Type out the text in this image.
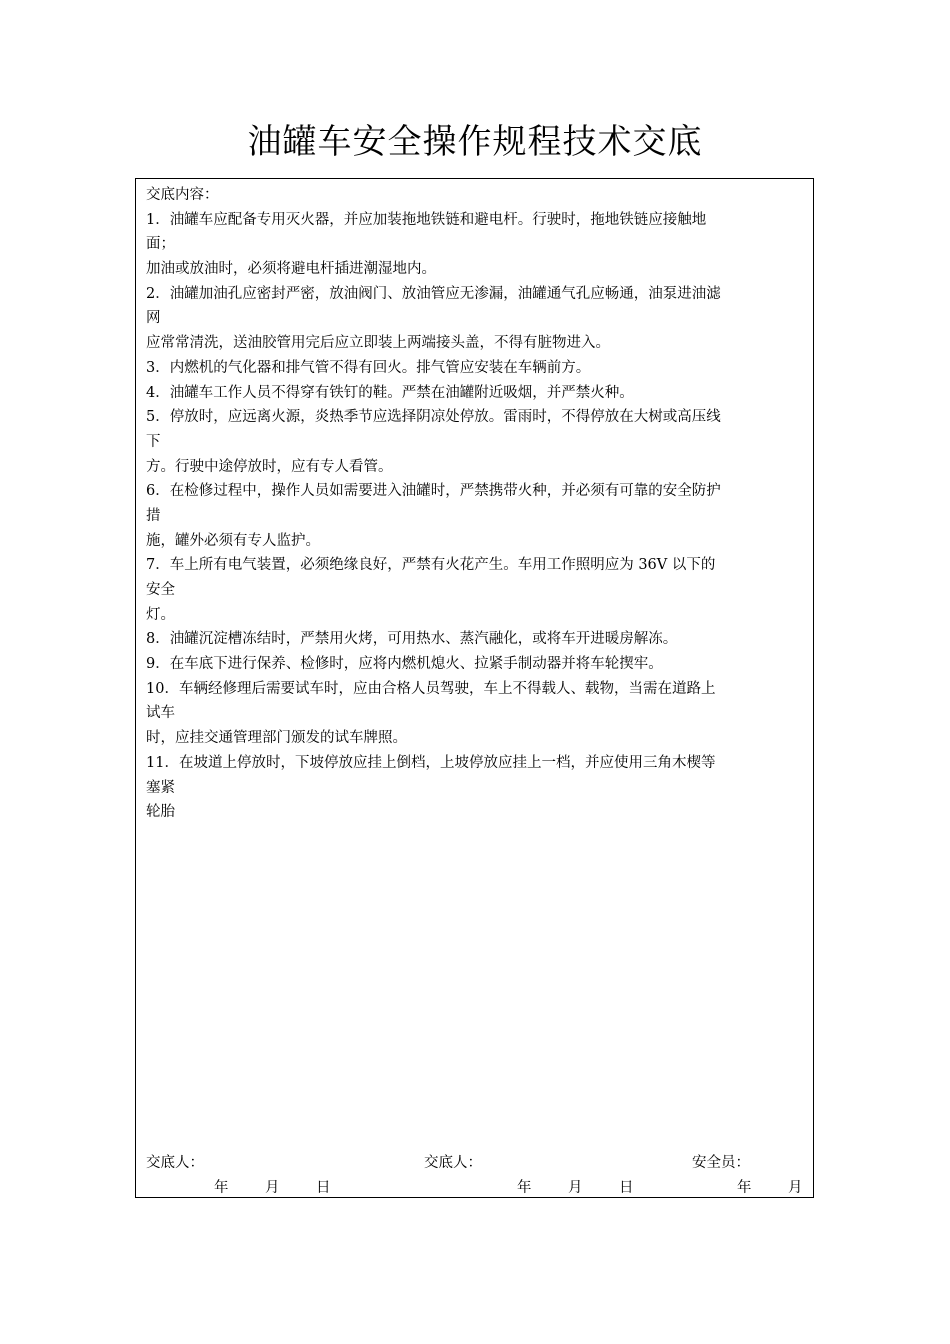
油罐车安全操作规程技术交底
交底内容：
1．油罐车应配备专用灭火器，并应加装拖地铁链和避电杆。行驶时，拖地铁链应接触地
面；
加油或放油时，必须将避电杆插进潮湿地内。
2．油罐加油孔应密封严密，放油阀门、放油管应无渗漏，油罐通气孔应畅通，油泵进油滤
网
应常常清洗，送油胶管用完后应立即装上两端接头盖，不得有脏物进入。
3．内燃机的气化器和排气管不得有回火。排气管应安装在车辆前方。
4．油罐车工作人员不得穿有铁钉的鞋。严禁在油罐附近吸烟，并严禁火种。
5．停放时，应远离火源，炎热季节应选择阴凉处停放。雷雨时，不得停放在大树或高压线
下
方。行驶中途停放时，应有专人看管。
6．在检修过程中，操作人员如需要进入油罐时，严禁携带火种，并必须有可靠的安全防护
措
施，罐外必须有专人监护。
7．车上所有电气装置，必须绝缘良好，严禁有火花产生。车用工作照明应为 36V 以下的
安全
灯。
8．油罐沉淀槽冻结时，严禁用火烤，可用热水、蒸汽融化，或将车开进暖房解冻。
9．在车底下进行保养、检修时，应将内燃机熄火、拉紧手制动器并将车轮揳牢。
10．车辆经修理后需要试车时，应由合格人员驾驶，车上不得载人、载物，当需在道路上
试车
时，应挂交通管理部门颁发的试车牌照。
11．在坡道上停放时，下坡停放应挂上倒档，上坡停放应挂上一档，并应使用三角木楔等
塞紧
轮胎
交底人：	交底人：	安全员：
年	月	日	年	月	日	年	月
